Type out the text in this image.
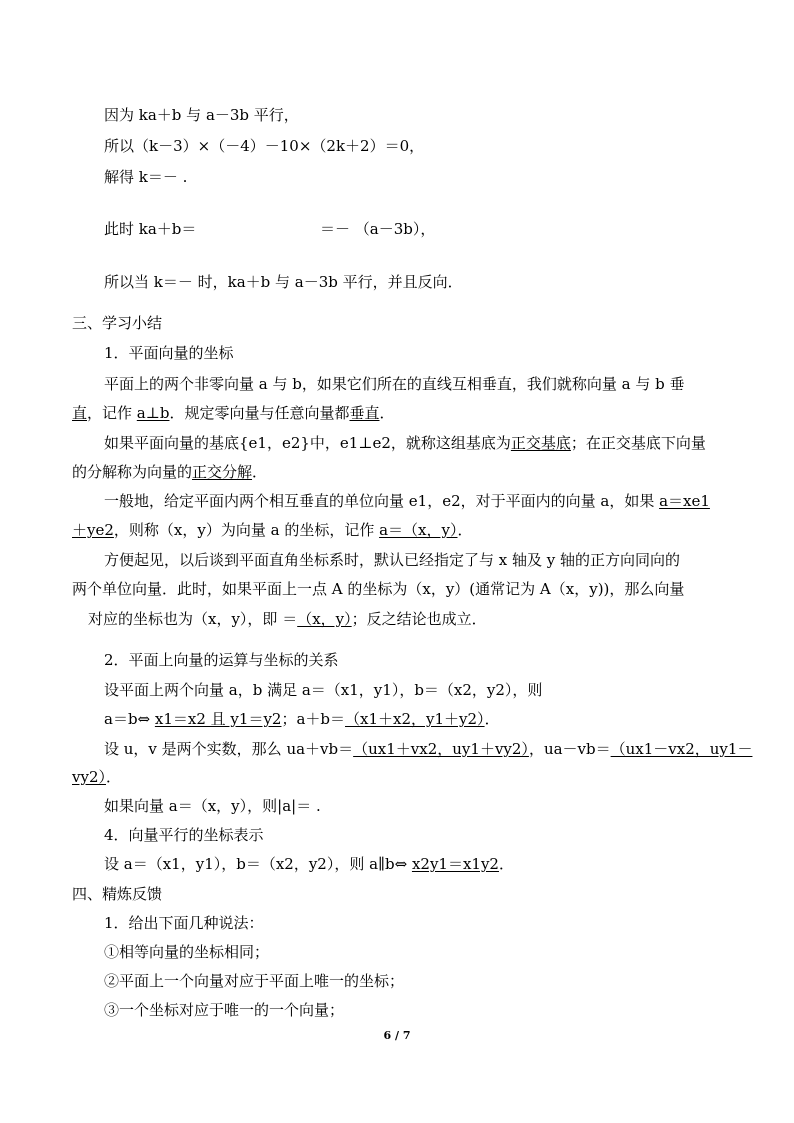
因为 ka＋b 与 a－3b 平行，
所以（k－3）×（－4）－10×（2k＋2）＝0，
解得 k＝－ .
此时 ka＋b＝	＝－ （a－3b），
所以当 k＝－ 时，ka＋b 与 a－3b 平行，并且反向．
三、学习小结
1．平面向量的坐标
平面上的两个非零向量 a 与 b，如果它们所在的直线互相垂直，我们就称向量 a 与 b 垂
直，记作 a⊥b．规定零向量与任意向量都垂直．
如果平面向量的基底{e1，e2}中，e1⊥e2，就称这组基底为正交基底；在正交基底下向量
的分解称为向量的正交分解．
一般地，给定平面内两个相互垂直的单位向量 e1，e2，对于平面内的向量 a，如果 a＝xe1
＋ye2，则称（x，y）为向量 a 的坐标，记作 a＝（x，y）．
方便起见，以后谈到平面直角坐标系时，默认已经指定了与 x 轴及 y 轴的正方向同向的
两个单位向量．此时，如果平面上一点 A 的坐标为（x，y）(通常记为 A（x，y))，那么向量
对应的坐标也为（x，y），即 ＝（x，y）；反之结论也成立．
2．平面上向量的运算与坐标的关系
设平面上两个向量 a，b 满足 a＝（x1，y1），b＝（x2，y2），则
a＝b⇔ x1＝x2 且 y1＝y2；a＋b＝（x1＋x2，y1＋y2）．
设 u，v 是两个实数，那么 ua＋vb＝（ux1＋vx2，uy1＋vy2），ua－vb＝（ux1－vx2，uy1－
vy2）．
如果向量 a＝（x，y），则|a|＝ .
4．向量平行的坐标表示
设 a＝（x1，y1），b＝（x2，y2），则 a∥b⇔ x2y1＝x1y2．
四、精炼反馈
1．给出下面几种说法：
①相等向量的坐标相同；
②平面上一个向量对应于平面上唯一的坐标；
③一个坐标对应于唯一的一个向量；
6 / 7
